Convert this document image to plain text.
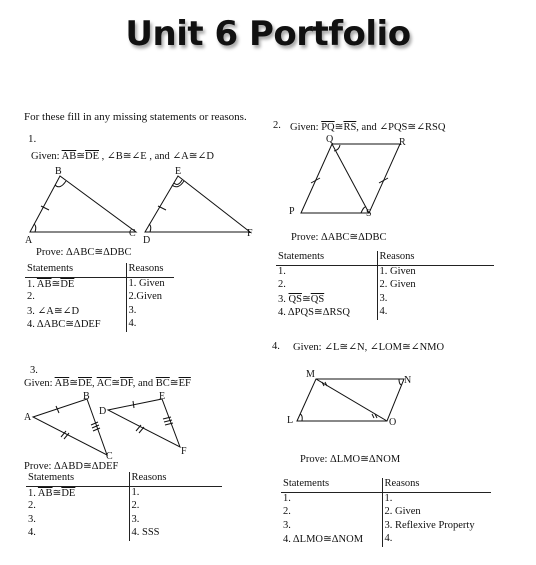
Unit 6 Portfolio
For these fill in any missing statements or reasons.
1.
Given: $\overline{AB}≅\overline{DE}$ , ∠B≅∠E , and ∠A≅∠D
2. Given: $\overline{PQ}≅\overline{RS}$, and ∠PQS≅∠RSQ
3.
Given: $\overline{AB}≅\overline{DE}$, $\overline{AC}≅\overline{DF}$, and $\overline{BC}≅\overline{EF}$
4. Given: ∠L≅∠N, ∠LOM≅∠NMO
B
A
C
E
D
F
Q	R
P	S
A
B
C
D
E
F
M
N
L	O
Prove: ΔABC≅ΔDBC
Prove: ΔABC≅ΔDBC
Prove: ΔABD≅ΔDEF
Prove: ΔLMO≅ΔNOM
Statements	Reasons
1. $\overline{AB}≅\overline{DE}$	1. Given
2.	2.Given
3. ∠A≅∠D	3.
4. ΔABC≅ΔDEF	4.
Statements	Reasons
1.	1. Given
2.	2. Given
3. $\overline{QS}≅\overline{QS}$	3.
4. ΔPQS≅ΔRSQ	4.
Statements	Reasons
1. $\overline{AB}≅\overline{DE}$	1.
2.	2.
3.	3.
4.	4. SSS
Statements	Reasons
1.	1.
2.	2. Given
3.	3. Reflexive Property
4. ΔLMO≅ΔNOM	4.
